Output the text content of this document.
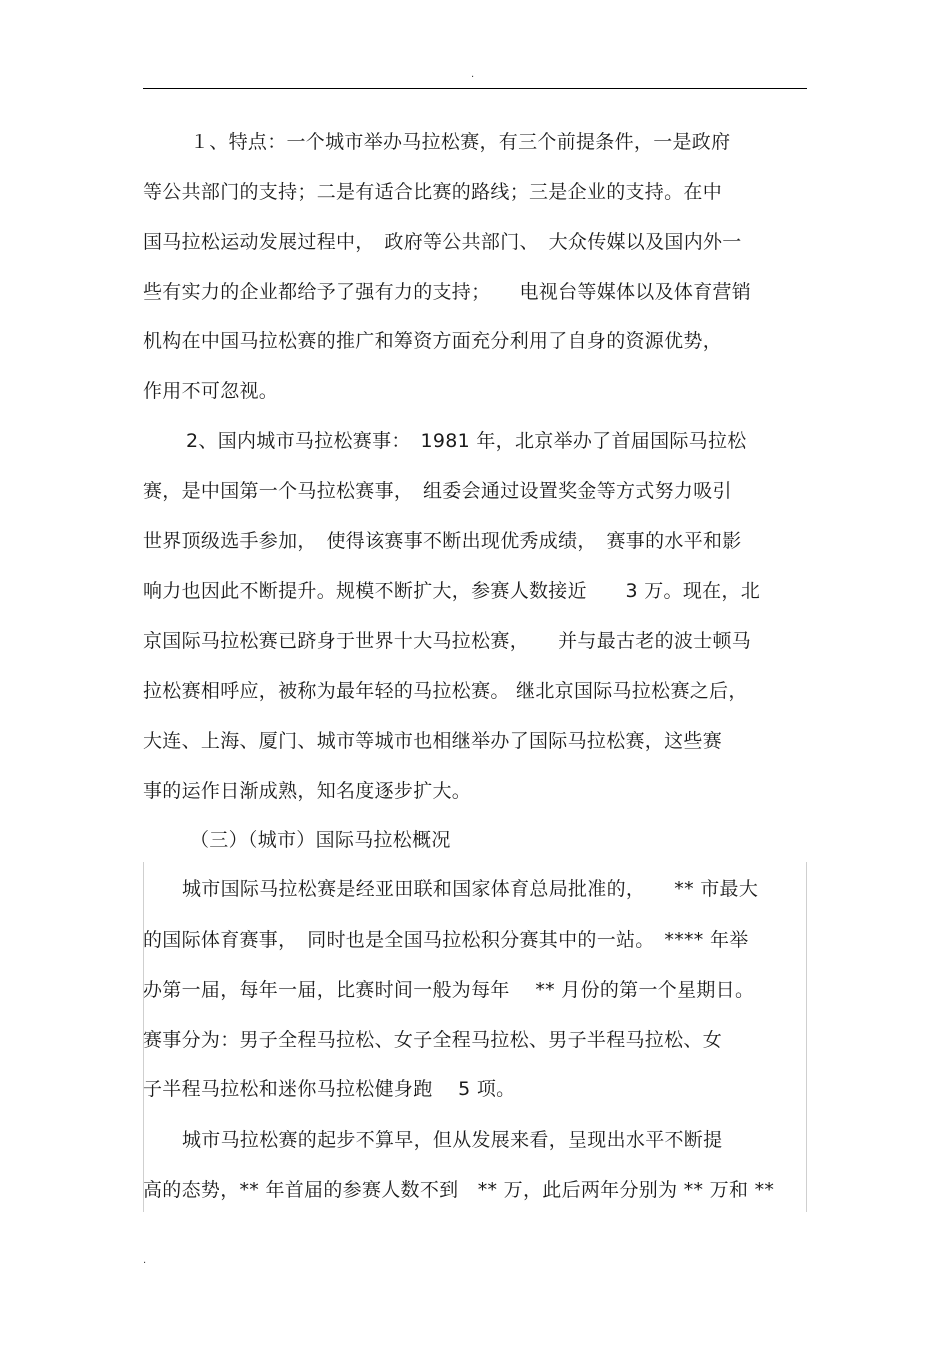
.
１、特点：一个城市举办马拉松赛，有三个前提条件，一是政府
等公共部门的支持；二是有适合比赛的路线；三是企业的支持。在中
国马拉松运动发展过程中，　政府等公共部门、　大众传媒以及国内外一
些有实力的企业都给予了强有力的支持；　　电视台等媒体以及体育营销
机构在中国马拉松赛的推广和筹资方面充分利用了自身的资源优势，
作用不可忽视。
2、国内城市马拉松赛事：　1981 年，北京举办了首届国际马拉松
赛，是中国第一个马拉松赛事，　组委会通过设置奖金等方式努力吸引
世界顶级选手参加，　使得该赛事不断出现优秀成绩，　赛事的水平和影
响力也因此不断提升。规模不断扩大，参赛人数接近　　3 万。现在，北
京国际马拉松赛已跻身于世界十大马拉松赛，　　并与最古老的波士顿马
拉松赛相呼应，被称为最年轻的马拉松赛。 继北京国际马拉松赛之后，
大连、上海、厦门、城市等城市也相继举办了国际马拉松赛，这些赛
事的运作日渐成熟，知名度逐步扩大。
（三）（城市）国际马拉松概况
城市国际马拉松赛是经亚田联和国家体育总局批准的，　　** 市最大
的国际体育赛事，　同时也是全国马拉松积分赛其中的一站。　**** 年举
办第一届，每年一届，比赛时间一般为每年　 ** 月份的第一个星期日。
赛事分为：男子全程马拉松、女子全程马拉松、男子半程马拉松、女
子半程马拉松和迷你马拉松健身跑　 5 项。
城市马拉松赛的起步不算早，但从发展来看，呈现出水平不断提
高的态势，** 年首届的参赛人数不到　** 万，此后两年分别为 ** 万和 **
.
